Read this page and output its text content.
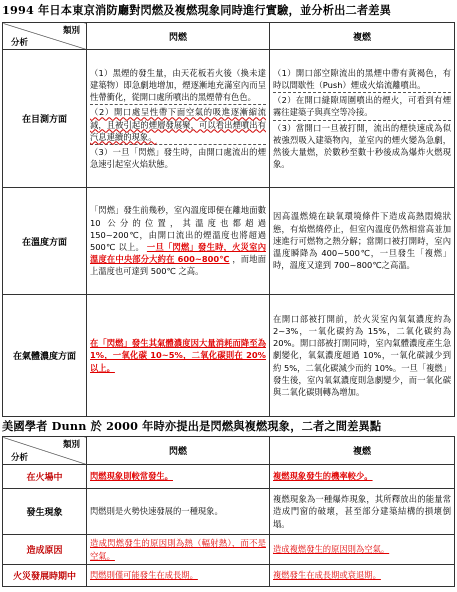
1994 年日本東京消防廳對閃燃及複燃現象同時進行實驗，並分析出二者差異
類別
分析	閃燃	複燃
在目測方面	（1）黑煙的發生量，由天花板若火後（換未達建築物）即急劇地增加，煙逐漸地充滿室內而呈性帶衝化，從開口處所噴出的黑煙帶有色色。
（2）開口處呈性帶下面空氣的吸進逐漸縮流減，且被引起的煙層發展聚，可以看出煙噴出有汽息連續的現象。
（3）一旦「閃燃」發生時，由開口處流出的煙急速引起室火焰狀態。	（1）開口部空隙流出的黑煙中帶有黃褐色，有時以間歇性（Push）煙成火焰流離噴出。
（2）在開口縫隙周圍噴出的煙火，可看到有煙霧往建築子與真空等冷接。
（3）當開口一旦被打開，流出的煙快速成為似被強烈吸入建築物內，並室內的煙火變為急劇，然後大量燃，於數秒至數十秒後成為爆炸火燃現象。

在溫度方面	「閃燃」發生前幾秒，室內溫度即便在離地面數 10 公分的位置，其溫度也都超過 150~200℃，由開口流出的煙溫度也將超過 500℃ 以上。 一旦「閃燃」發生時，火災室內溫度在中央部分大約在 600~800℃ ，而地面上溫度也可達到 500℃ 之高。	因高溫燃燒在缺氧環境條件下造成高熱悶燒狀態，有焰燃燒停止，但室內溫度仍然相當高並加速進行可燃物之熱分解；當開口被打開時，室內溫度瞬降為 400~500℃，一旦發生「複燃」時，溫度又達到 700~800℃之高溫。
在氣體濃度方面	在「閃燃」發生其氣體濃度因大量消耗而降至為 1%，一氧化碳 10~5%，二氧化碳則在 20%以上。	在開口部被打開前，於火災室內氧氣濃度約為 2~3%，一氧化碳約為 15%，二氧化碳約為 20%。開口部被打開同時，室內氣體濃度產生急劇變化，氧氣濃度超過 10%，一氧化碳減少到約 5%，二氧化碳減少而約 10%。一旦「複燃」發生後，室內氧氣濃度則急劇變少，而一氧化碳與二氧化碳則轉為增加。
美國學者 Dunn 於 2000 年時亦提出是閃燃與複燃現象，二者之間差異點
類別
分析	閃燃	複燃
在火場中	閃燃現象則較常發生。	複燃現象發生的機率較少。
發生現象	閃燃則是火勢快速發展的一種現象。	複燃現象為一種爆炸現象，其所釋放出的能量常造成門窗的破壞，甚至部分建築結構的損壞倒塌。
造成原因	造成閃燃發生的原因則為熱（輻射熱），而不是空氣。	造成複燃發生的原因則為空氣。
火災發展時期中	閃燃則僅可能發生在成長期。	複燃發生在成長期或衰退期。
